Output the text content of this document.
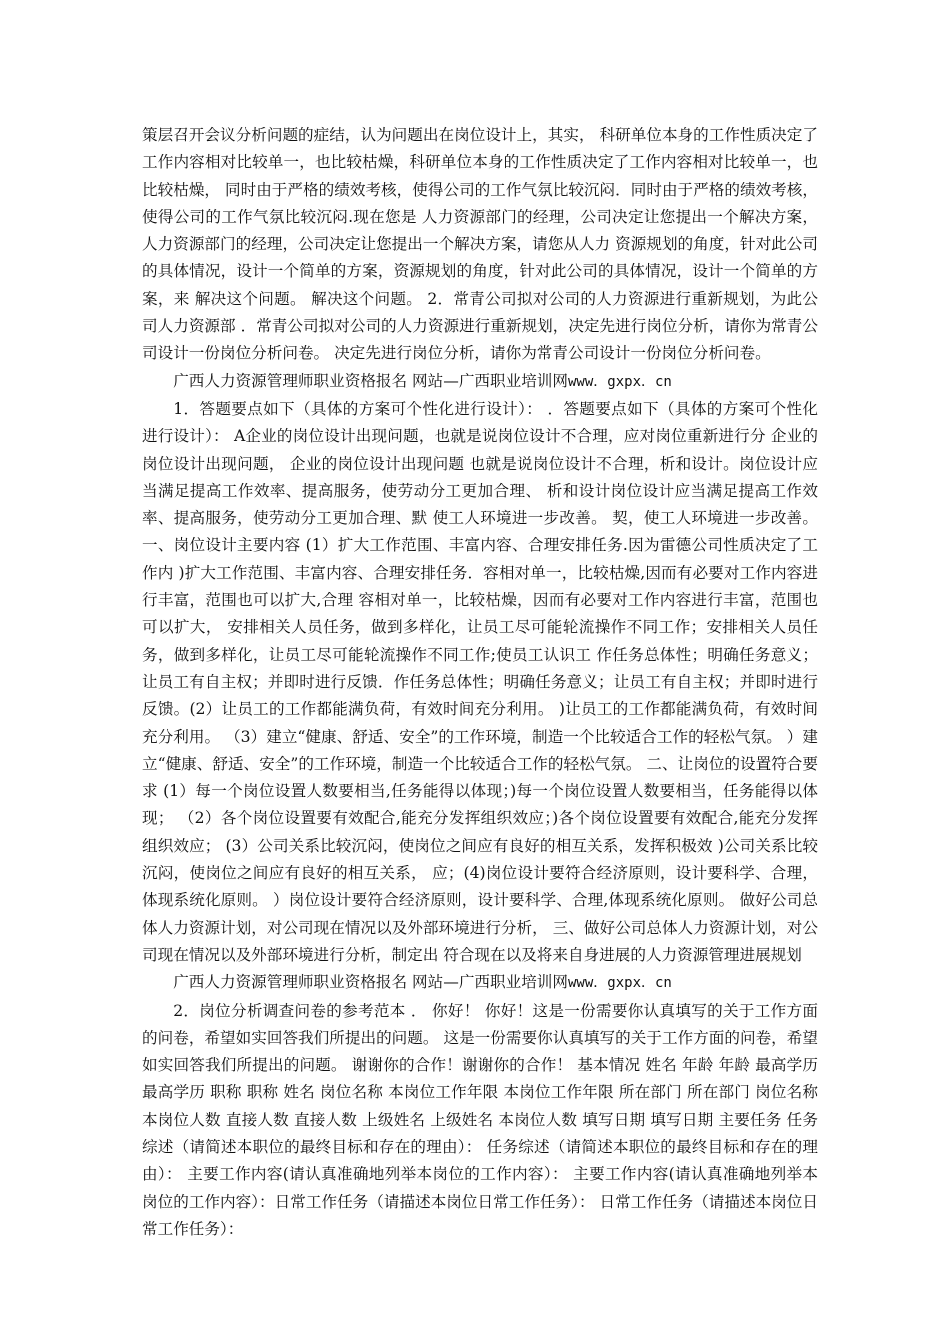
策层召开会议分析问题的症结，认为问题出在岗位设计上，其实， 科研单位本身的工作性质决定了工作内容相对比较单一，也比较枯燥，科研单位本身的工作性质决定了工作内容相对比较单一，也比较枯燥， 同时由于严格的绩效考核，使得公司的工作气氛比较沉闷．同时由于严格的绩效考核，使得公司的工作气氛比较沉闷.现在您是 人力资源部门的经理，公司决定让您提出一个解决方案，人力资源部门的经理，公司决定让您提出一个解决方案，请您从人力 资源规划的角度，针对此公司的具体情况，设计一个简单的方案，资源规划的角度，针对此公司的具体情况，设计一个简单的方案，来 解决这个问题。 解决这个问题。 2．常青公司拟对公司的人力资源进行重新规划，为此公司人力资源部 ．常青公司拟对公司的人力资源进行重新规划，决定先进行岗位分析，请你为常青公司设计一份岗位分析问卷。 决定先进行岗位分析，请你为常青公司设计一份岗位分析问卷。

广西人力资源管理师职业资格报名 网站—广西职业培训网www．gxpx．cn

1．答题要点如下（具体的方案可个性化进行设计）： ．答题要点如下（具体的方案可个性化进行设计）： A企业的岗位设计出现问题，也就是说岗位设计不合理，应对岗位重新进行分 企业的岗位设计出现问题， 企业的岗位设计出现问题 也就是说岗位设计不合理，析和设计。岗位设计应当满足提高工作效率、提高服务，使劳动分工更加合理、 析和设计岗位设计应当满足提高工作效率、提高服务，使劳动分工更加合理、默 使工人环境进一步改善。 契，使工人环境进一步改善。 一、岗位设计主要内容 (1）扩大工作范围、丰富内容、合理安排任务.因为雷德公司性质决定了工作内 )扩大工作范围、丰富内容、合理安排任务．容相对单一，比较枯燥,因而有必要对工作内容进行丰富，范围也可以扩大,合理 容相对单一，比较枯燥，因而有必要对工作内容进行丰富，范围也可以扩大， 安排相关人员任务，做到多样化，让员工尽可能轮流操作不同工作；安排相关人员任务，做到多样化，让员工尽可能轮流操作不同工作;使员工认识工 作任务总体性；明确任务意义；让员工有自主权；并即时进行反馈．作任务总体性；明确任务意义；让员工有自主权；并即时进行反馈。(2）让员工的工作都能满负荷，有效时间充分利用。 )让员工的工作都能满负荷，有效时间充分利用。 （3）建立“健康、舒适、安全”的工作环境，制造一个比较适合工作的轻松气氛。 ）建立“健康、舒适、安全”的工作环境，制造一个比较适合工作的轻松气氛。 二、让岗位的设置符合要求 (1）每一个岗位设置人数要相当,任务能得以体现；)每一个岗位设置人数要相当，任务能得以体现； （2）各个岗位设置要有效配合,能充分发挥组织效应；)各个岗位设置要有效配合,能充分发挥组织效应； (3）公司关系比较沉闷，使岗位之间应有良好的相互关系，发挥积极效 )公司关系比较沉闷，使岗位之间应有良好的相互关系， 应；(4)岗位设计要符合经济原则，设计要科学、合理，体现系统化原则。 ）岗位设计要符合经济原则，设计要科学、合理,体现系统化原则。 做好公司总体人力资源计划，对公司现在情况以及外部环境进行分析， 三、做好公司总体人力资源计划，对公司现在情况以及外部环境进行分析，制定出 符合现在以及将来自身进展的人力资源管理进展规划

广西人力资源管理师职业资格报名 网站—广西职业培训网www．gxpx．cn

2．岗位分析调查问卷的参考范本 ． 你好！ 你好！这是一份需要你认真填写的关于工作方面的问卷，希望如实回答我们所提出的问题。 这是一份需要你认真填写的关于工作方面的问卷，希望如实回答我们所提出的问题。 谢谢你的合作！谢谢你的合作！ 基本情况 姓名 年龄 年龄 最高学历 最高学历 职称 职称 姓名 岗位名称 本岗位工作年限 本岗位工作年限 所在部门 所在部门 岗位名称 本岗位人数 直接人数 直接人数 上级姓名 上级姓名 本岗位人数 填写日期 填写日期 主要任务 任务综述（请简述本职位的最终目标和存在的理由）： 任务综述（请简述本职位的最终目标和存在的理由）： 主要工作内容(请认真准确地列举本岗位的工作内容）： 主要工作内容(请认真准确地列举本岗位的工作内容）：日常工作任务（请描述本岗位日常工作任务）： 日常工作任务（请描述本岗位日常工作任务）：
